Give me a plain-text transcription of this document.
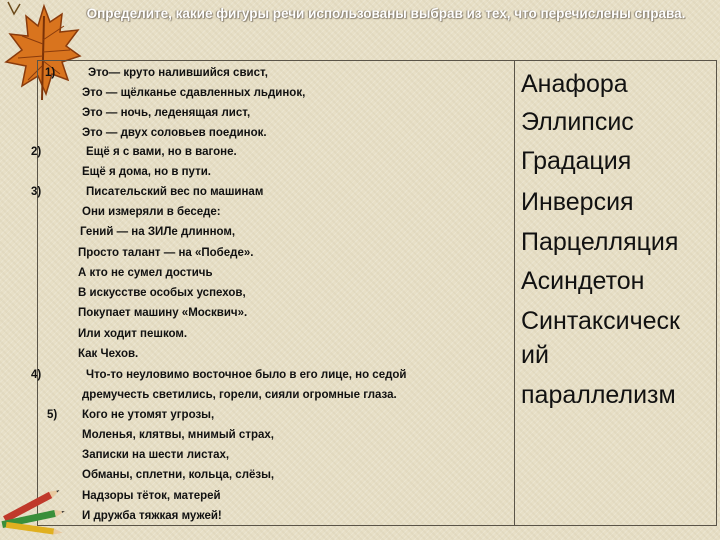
Определите, какие фигуры речи использованы выбрав из тех, что перечислены справа.
1)
2)
3)
4)
5)
Это— круто налившийся свист,
Это — щёлканье сдавленных льдинок,
Это — ночь, леденящая лист,
Это — двух соловьев поединок.
Ещё я с вами, но в вагоне.
Ещё я дома, но в пути.
Писательский вес по машинам
Они измеряли в беседе:
Гений — на ЗИЛе длинном,
Просто талант — на «Победе».
А кто не сумел достичь
В искусстве особых успехов,
Покупает машину «Москвич».
Или ходит пешком.
Как Чехов.
Что-то неуловимо восточное было в его лице, но седой
дремучесть светились, горели, сияли огромные глаза.
Кого не утомят угрозы,
Моленья, клятвы, мнимый страх,
Записки на шести листах,
Обманы, сплетни, кольца, слёзы,
Надзоры тёток, матерей
И дружба тяжкая мужей!
Анафора
Эллипсис
Градация
Инверсия
Парцелляция
Асиндетон
Синтаксическ
ий
параллелизм
